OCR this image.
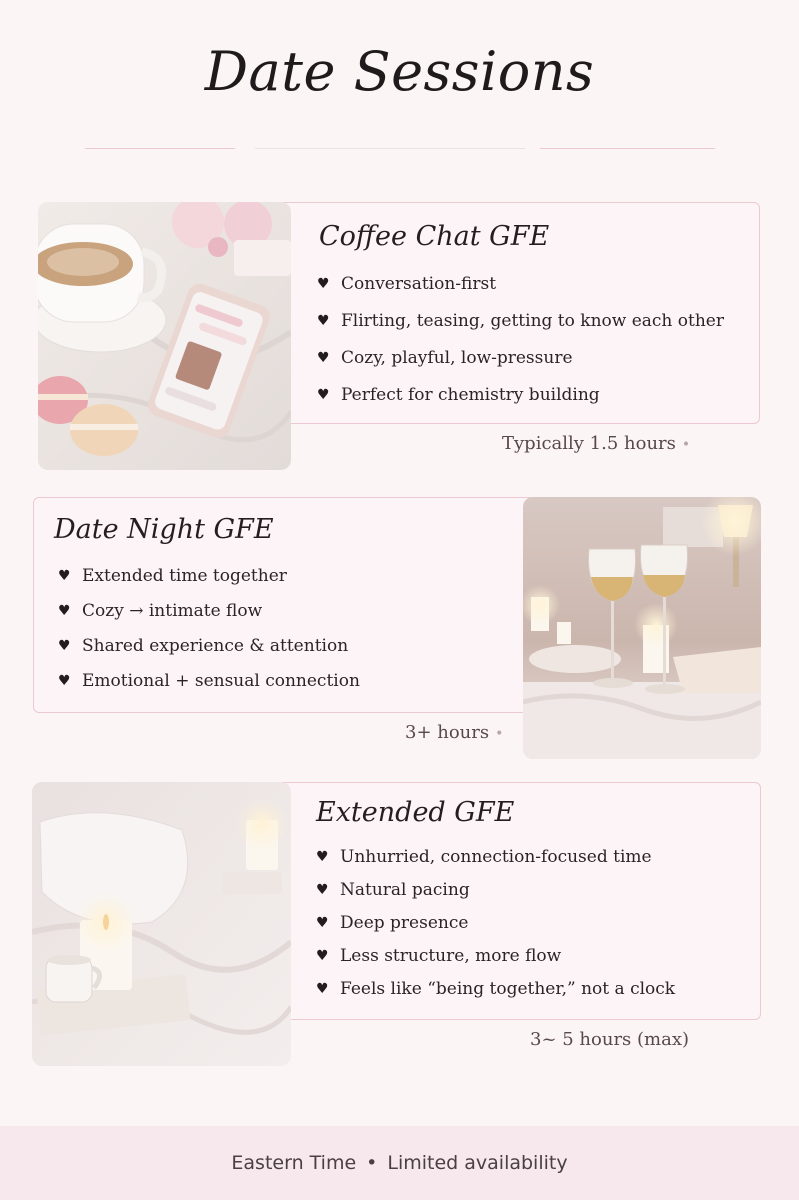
Date Sessions
Coffee Chat GFE
♥ Conversation-first
♥ Flirting, teasing, getting to know each other
♥ Cozy, playful, low-pressure
♥ Perfect for chemistry building
Typically 1.5 hours •
Date Night GFE
♥ Extended time together
♥ Cozy → intimate flow
♥ Shared experience & attention
♥ Emotional + sensual connection
3+ hours •
Extended GFE
♥ Unhurried, connection-focused time
♥ Natural pacing
♥ Deep presence
♥ Less structure, more flow
♥ Feels like “being together,” not a clock
3~ 5 hours (max)
Eastern Time • Limited availability
